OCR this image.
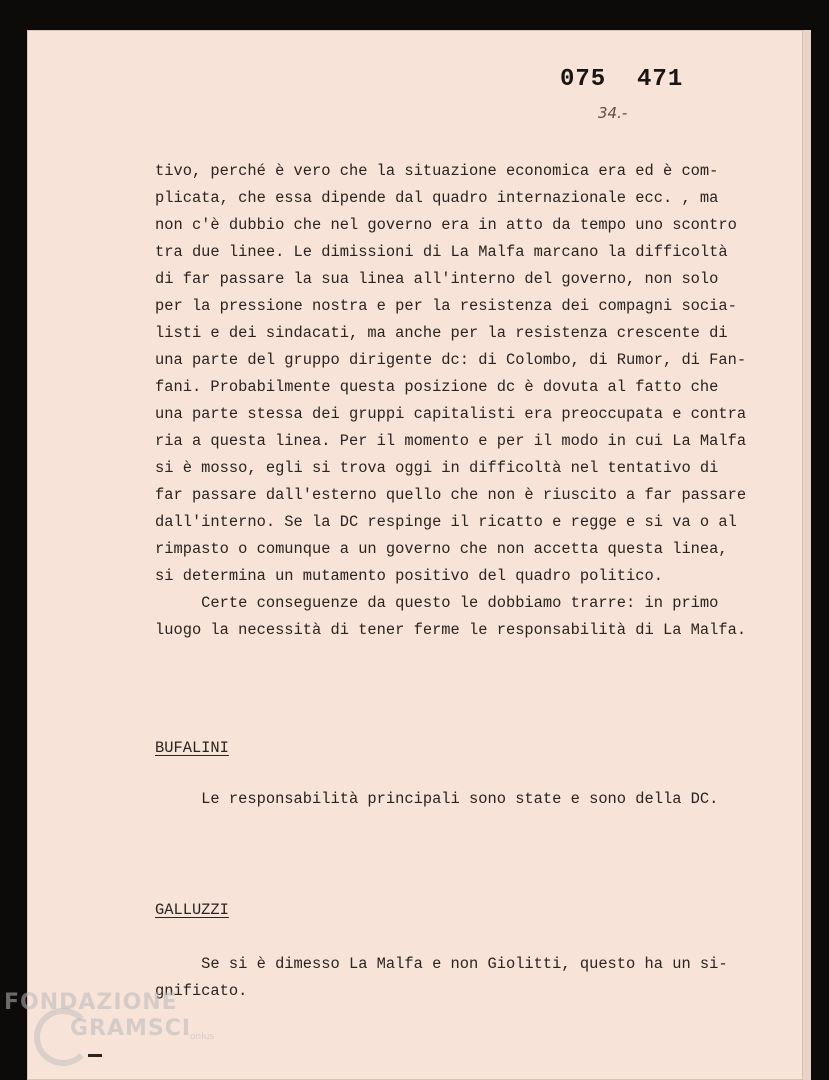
075  471
34.-
tivo, perché è vero che la situazione economica era ed è com-
plicata, che essa dipende dal quadro internazionale ecc. , ma
non c'è dubbio che nel governo era in atto da tempo uno scontro
tra due linee. Le dimissioni di La Malfa marcano la difficoltà
di far passare la sua linea all'interno del governo, non solo
per la pressione nostra e per la resistenza dei compagni socia-
listi e dei sindacati, ma anche per la resistenza crescente di
una parte del gruppo dirigente dc: di Colombo, di Rumor, di Fan-
fani. Probabilmente questa posizione dc è dovuta al fatto che
una parte stessa dei gruppi capitalisti era preoccupata e contra
ria a questa linea. Per il momento e per il modo in cui La Malfa
si è mosso, egli si trova oggi in difficoltà nel tentativo di
far passare dall'esterno quello che non è riuscito a far passare
dall'interno. Se la DC respinge il ricatto e regge e si va o al
rimpasto o comunque a un governo che non accetta questa linea,
si determina un mutamento positivo del quadro politico.
Certe conseguenze da questo le dobbiamo trarre: in primo
luogo la necessità di tener ferme le responsabilità di La Malfa.
BUFALINI
Le responsabilità principali sono state e sono della DC.
GALLUZZI
Se si è dimesso La Malfa e non Giolitti, questo ha un si-
gnificato.
FONDAZIONE
GRAMSCI
onlus
